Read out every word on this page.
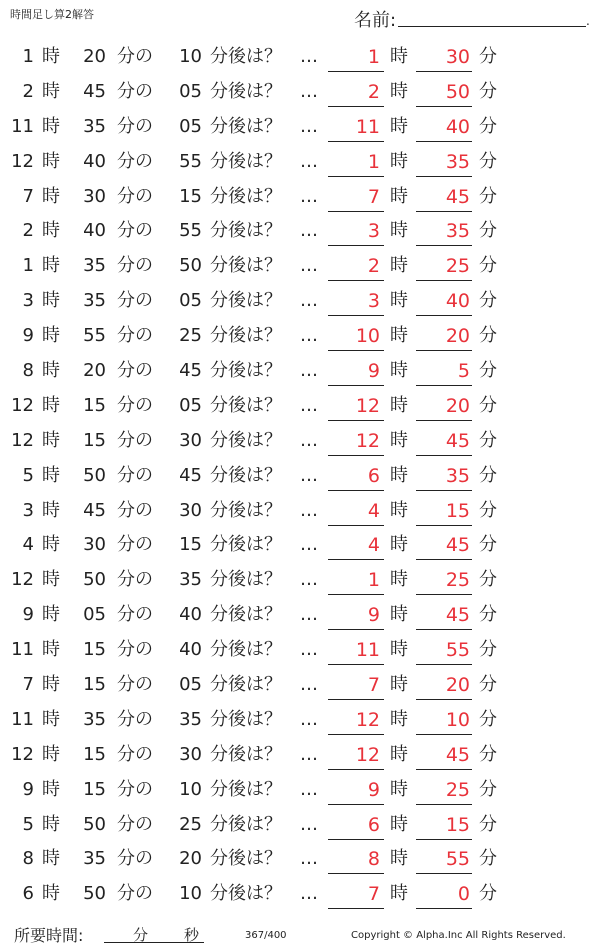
時間足し算2解答	名前:	.
1 時	20 分の	10 分後は？ …	1 時	30 分
2 時	45 分の	05 分後は？ …	2 時	50 分
11 時	35 分の	05 分後は？ …	11 時	40 分
12 時	40 分の	55 分後は？ …	1 時	35 分
7 時	30 分の	15 分後は？ …	7 時	45 分
2 時	40 分の	55 分後は？ …	3 時	35 分
1 時	35 分の	50 分後は？ …	2 時	25 分
3 時	35 分の	05 分後は？ …	3 時	40 分
9 時	55 分の	25 分後は？ …	10 時	20 分
8 時	20 分の	45 分後は？ …	9 時	5 分
12 時	15 分の	05 分後は？ …	12 時	20 分
12 時	15 分の	30 分後は？ …	12 時	45 分
5 時	50 分の	45 分後は？ …	6 時	35 分
3 時	45 分の	30 分後は？ …	4 時	15 分
4 時	30 分の	15 分後は？ …	4 時	45 分
12 時	50 分の	35 分後は？ …	1 時	25 分
9 時	05 分の	40 分後は？ …	9 時	45 分
11 時	15 分の	40 分後は？ …	11 時	55 分
7 時	15 分の	05 分後は？ …	7 時	20 分
11 時	35 分の	35 分後は？ …	12 時	10 分
12 時	15 分の	30 分後は？ …	12 時	45 分
9 時	15 分の	10 分後は？ …	9 時	25 分
5 時	50 分の	25 分後は？ …	6 時	15 分
8 時	35 分の	20 分後は？ …	8 時	55 分
6 時	50 分の	10 分後は？ …	7 時	0 分
所要時間:	分 秒	367/400	Copyright © Alpha.Inc All Rights Reserved.
